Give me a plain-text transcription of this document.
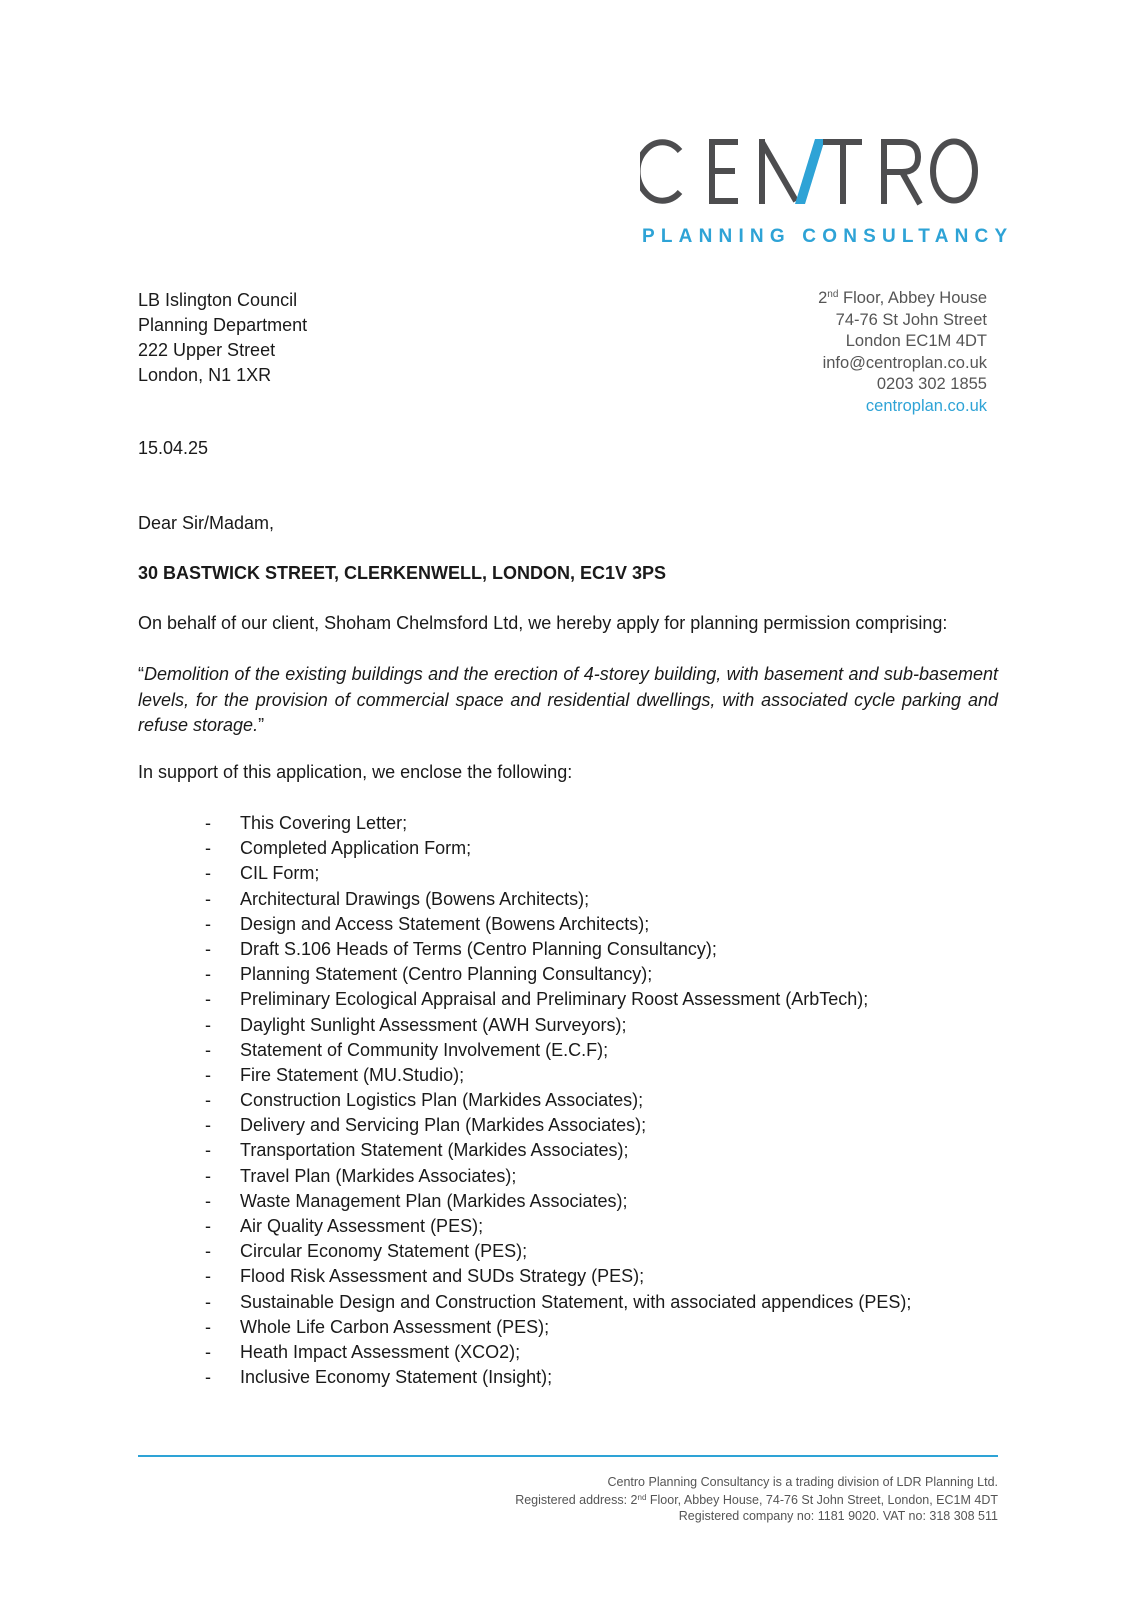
PLANNING CONSULTANCY
LB Islington Council
Planning Department
222 Upper Street
London, N1 1XR
2nd Floor, Abbey House
74-76 St John Street
London EC1M 4DT
info@centroplan.co.uk
0203 302 1855
centroplan.co.uk
15.04.25
Dear Sir/Madam,
30 BASTWICK STREET, CLERKENWELL, LONDON, EC1V 3PS
On behalf of our client, Shoham Chelmsford Ltd, we hereby apply for planning permission comprising:
“Demolition of the existing buildings and the erection of 4-storey building, with basement and sub-basement levels, for the provision of commercial space and residential dwellings, with associated cycle parking and refuse storage.”
In support of this application, we enclose the following:
- This Covering Letter;
- Completed Application Form;
- CIL Form;
- Architectural Drawings (Bowens Architects);
- Design and Access Statement (Bowens Architects);
- Draft S.106 Heads of Terms (Centro Planning Consultancy);
- Planning Statement (Centro Planning Consultancy);
- Preliminary Ecological Appraisal and Preliminary Roost Assessment (ArbTech);
- Daylight Sunlight Assessment (AWH Surveyors);
- Statement of Community Involvement (E.C.F);
- Fire Statement (MU.Studio);
- Construction Logistics Plan (Markides Associates);
- Delivery and Servicing Plan (Markides Associates);
- Transportation Statement (Markides Associates);
- Travel Plan (Markides Associates);
- Waste Management Plan (Markides Associates);
- Air Quality Assessment (PES);
- Circular Economy Statement (PES);
- Flood Risk Assessment and SUDs Strategy (PES);
- Sustainable Design and Construction Statement, with associated appendices (PES);
- Whole Life Carbon Assessment (PES);
- Heath Impact Assessment (XCO2);
- Inclusive Economy Statement (Insight);
Centro Planning Consultancy is a trading division of LDR Planning Ltd.
Registered address: 2nd Floor, Abbey House, 74-76 St John Street, London, EC1M 4DT
Registered company no: 1181 9020. VAT no: 318 308 511
